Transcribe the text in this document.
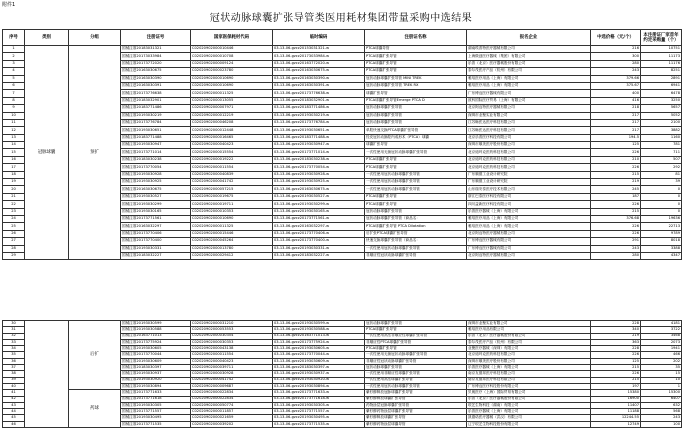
附件1
冠状动脉球囊扩张导管类医用耗材集团带量采购中选结果
序号	类别	分组	注册证号	国家医保耗材代码	临时编码	注册证名称	报名企业	中选价格（元/个）	本注册证厂家首年约定采购量（个）
1	冠脉球囊	预扩	国械注准20183031321	C02020902000010446	03-13-06-gzcz20153031321-w	PTCA球囊导管	湖南埃普特医疗器械有限公司	216	10751
2			国械注准20173033984	C02020902000010708	03-13-06-gzcz20173033984-w	PTCA球囊扩张导管	上海微创医疗器械（集团）有限公司	300	11173
3			国械注准20173772020	C02020902000009124	03-13-06-gzcz20163772020-w	PTCA球囊扩张导管	乐普（北京）医疗器械股份有限公司	280	11176
4			国械注进20163030675	C02020902000023780	03-13-06-gzcz20163030675-w	PTCA球囊扩张导管	泰尔茂医疗产品（杭州）有限公司	243	8251
5			国械注进20163030390	C02020902000010690	03-13-06-gzcz20163030390-w	冠状动脉球囊扩张导管 MINI TREK	雅培医疗用品（上海）有限公司	379.66	2891
6			国械注进20163030391	C02020902000010690	03-13-06-gzcz20163030391-w	冠状动脉球囊扩张导管 TREK RX	雅培医疗用品（上海）有限公司	375.67	6941
7			国械注准20173776638	C02020902000011325	03-13-06-gzcz20173776638-w	球囊扩张导管	广东博迈医疗器械有限公司	400	6478
8			国械注进20183032901	C02020902000013055	03-13-06-gzcz20183032901-w	PTCA球囊扩张导管Emerge PTCA D	波科国际医疗贸易（上海）有限公司	416	3250
9			国械注准20183771486	C02020902000007971	03-13-06-gzcz20183771486-w	冠状动脉球囊扩张导管	北京阿迈特医疗器械有限公司	218	5657
10			国械注准20193030219	C02020902000012219	03-13-06-gzcz20193030219-w	冠状动脉球囊扩张导管	深圳市业聚实业有限公司	217	5052
11			国械注准20173776784	C02020902000046208	03-13-06-gzcz20173776784-w	冠状动脉球囊扩张导管	江苏畅医达医疗科技有限公司	217	2100
12			国械注准20193030651	C02020902000012448	03-13-06-gzcz20193030651-w	单腔快速交换PTCA球囊扩张导管	江苏畅医达医疗科技有限公司	217	3882
13			国械注准20183771488	C02020902000016465	03-13-06-gzcz20183771488-w	经皮冠状动脉腔内成形术（PTCA）球囊	北京乐普医疗科技有限公司	194.5	1160
14			国械注准20193030947	C02020902000040423	03-13-06-gzcz20193030947-w	球囊扩张导管	深圳市顺美医疗股份有限公司	125	781
15			国械注准20173771014	C02020902000015554	03-13-06-gzcz20173771014-w	一次性使用无菌冠状动脉球囊扩张导管	北京迪玛克医药科技有限公司	226	711
16			国械注准20183030238	C02020902000019222	03-13-06-gzcz20183030238-w	PTCA球囊扩张导管	北京迪玛克医药科技有限公司	210	507
17			国械注准20173770054	C02020902000011554	03-13-06-gzcz20173770054-w	PTCA球囊扩张导管	北京迪玛克医药科技有限公司	226	292
18			国械注准20193030928	C02020902000040839	03-13-06-gzcz20193030928-w	一次性使用冠状动脉球囊扩张导管	广东顺德工业设计研究院	215	81
19			国械注准20193030925	C02020902000041742	03-13-06-gzcz20193030925-w	一次性使用冠状动脉球囊扩张导管	广东顺德工业设计研究院	219	39
20			国械注准20163030675	C02020902000057215	03-13-06-gzcz20163030675-w	一次性使用冠状动脉球囊扩张导管	山东瑞安泰医疗技术有限公司	245	0
21			国械注准20193030527	C02020902000019675	03-13-06-gzcz20193030527-w	PTCA球囊扩张导管	浙江巴泰医疗科技有限公司	187	0
22			国械注准20193030299	C02020902000019711	03-13-06-gzcz20193030299-w	PTCA球囊扩张导管	四川益新医疗科技有限公司	226	0
23			国械注准20193030165	C02020902000010353	03-13-06-gzcz20193030165-w	冠状动脉球囊扩张导管	乐普医疗器械（上海）有限公司	215	0
24			国械注准20173771561	C02020902000010690	03-13-06-gzcz20173771561-w	冠状动脉球囊扩张导管（商品名：	雅培医疗用品（上海）有限公司	376.68	19636
25			国械注准20163032297	C02020902000011325	03-13-06-gzcz20163032297-w	PTCA球囊扩张导管 PTCA Dilatation	雅培医疗用品（上海）有限公司	226	22713
26			国械注准20173770406	C02020902000015446	03-13-06-gzcz20173770406-w	后扩张PTCA球囊扩张导管	北京阿迈特医疗器械有限公司	226	9789
27			国械注准20173770400	C02020902000045264	03-13-06-gzcz20173770400-w	快速交换球囊扩张导管（商品名：	广东博迈医疗器械有限公司	291	8018
28			国械注准20193030331	C02020902000013780	03-13-06-gzcz20193030331-w	一次性使用冠状动脉球囊扩张导管	广东博迈医疗器械有限公司	243	3388
29			国械注准20183032227	C02020902000029412	03-13-06-gzcz20183032227-w	非顺应性冠状动脉球囊扩张导管	北京阿迈特医疗器械有限公司	280	4347
30		后扩	国械注准20193030599	C02020902000031210	03-13-06-gzcz20193030599-w	冠状动脉球囊扩张导管	深圳市业聚实业有限公司	228	4181
31			国械注准20193030588	C02020902000053553	03-13-06-gzcz20193030588-w	PTCA球囊扩张导管	雅培医疗用品有限公司	340	3722
32			国械注准20163771013	C02020902000030354	03-13-06-gzcz20163771013-w	一次性使用高压非顺应性球囊扩张导管	乐普（北京）医疗器械股份有限公司	219	3468
33			国械注准20173775924	C02020902000030353	03-13-06-gzcz20173775924-w	非顺应性PTCA球囊扩张导管	泰尔茂医疗产品（杭州）有限公司	363	2073
34			国械注准20193030605	C02020902000043138	03-13-06-gzcz20193030605-w	PTCA球囊扩张导管	业聚医疗器械（深圳）有限公司	228	1941
35			国械注准20173770044	C02020902000011554	03-13-06-gzcz20173770044-w	一次性使用无菌冠状动脉球囊扩张导管	北京迪玛克医药科技有限公司	226	466
36			国械注准20193030609	C02020902000040423	03-13-06-gzcz20193030609-w	非顺应性冠状动脉球囊扩张导管	深圳市顺美医疗股份有限公司	125	202
37			国械注准20183030397	C02020902000039711	03-13-06-gzcz20183030397-w	冠状动脉球囊扩张导管	乐普医疗器械（上海）有限公司	215	35
38			国械注准20193030937	C02020902000030928	03-13-06-gzcz20193030937-w	一次性使用非顺应性球囊扩张导管	南京友德邦医疗科技有限公司	226	15
39			国械注准20193030920	C02020902000041742	03-13-06-gzcz20193030920-w	一次性使用高压球囊扩张导管	南京友德邦医疗科技有限公司	215	10
40			国械注准20193030894	C02020902000009687	03-13-06-gzcz20193030894-w	一次性使用冠状动脉球囊扩张导管	广东博迈医疗科技股份有限公司	197	1
41		药球	国械注准20173771633	C02020902000022834	03-13-06-gzcz20173771633-w	紫杉醇释放冠脉球囊扩张导管	贝朗医疗（上海）国际贸易有限公司	15380	15300
42			国械注准20173771618	C02020902000022834	03-13-06-gzcz20173771618-w	紫杉醇释放球囊扩张导管	乐普（北京）医疗器械股份有限公司	16900	6407
43			国械注准20193030305	C02020902000050774	03-13-06-gzcz20193030305-w	药物涂层冠脉球囊扩张导管	垠艺生物科技（湖南）有限公司	11407	632
44			国械注准20173771557	C02020902000011857	03-13-06-gzcz20173771557-w	紫杉醇药物涂层球囊扩张导管	乐普医疗器械（上海）有限公司	11188	568
45			国械注准20193030495	C02020902000021659	03-13-06-gzcz20193030495-w	紫杉醇释放球囊扩张导管	凯德诺医疗器械（武汉）有限公司	12244.55	243
46			国械注准20173771535	C02020902000039202	03-13-06-gzcz20173771535-w	紫杉醇药物涂层球囊导管	辽宁垠艺生物科技股份有限公司	12749	100
